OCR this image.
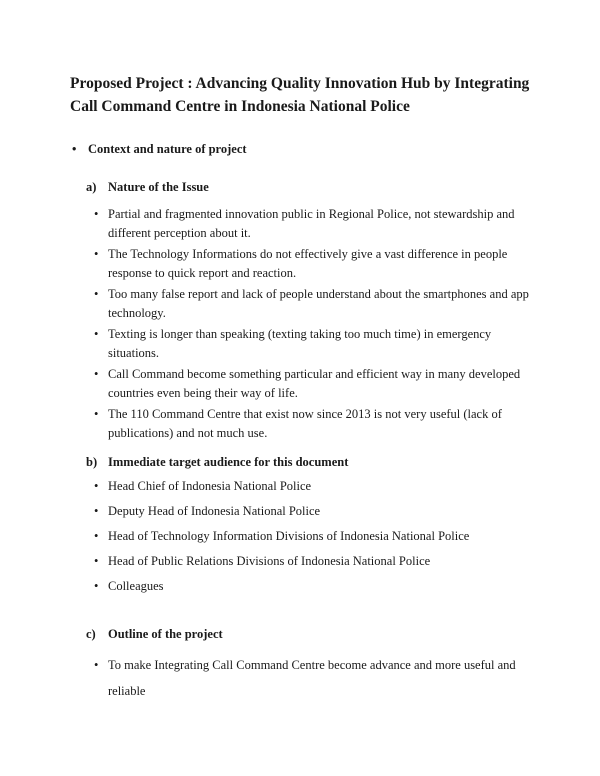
Proposed Project : Advancing Quality Innovation Hub by Integrating Call Command Centre in Indonesia National Police
• Context and nature of project
a) Nature of the Issue
• Partial and fragmented innovation public in Regional Police, not stewardship and different perception about it.
• The Technology Informations do not effectively give a vast difference in people response to quick report and reaction.
• Too many false report and lack of people understand about the smartphones and app technology.
• Texting is longer than speaking (texting taking too much time) in emergency situations.
• Call Command become something particular and efficient way in many developed countries even being their way of life.
• The 110 Command Centre that exist now since 2013 is not very useful (lack of publications) and not much use.
b) Immediate target audience for this document
• Head Chief of Indonesia National Police
• Deputy Head of Indonesia National Police
• Head of Technology Information Divisions of Indonesia National Police
• Head of Public Relations Divisions of Indonesia National Police
• Colleagues
c) Outline of the project
• To make Integrating Call Command Centre become advance and more useful and reliable
